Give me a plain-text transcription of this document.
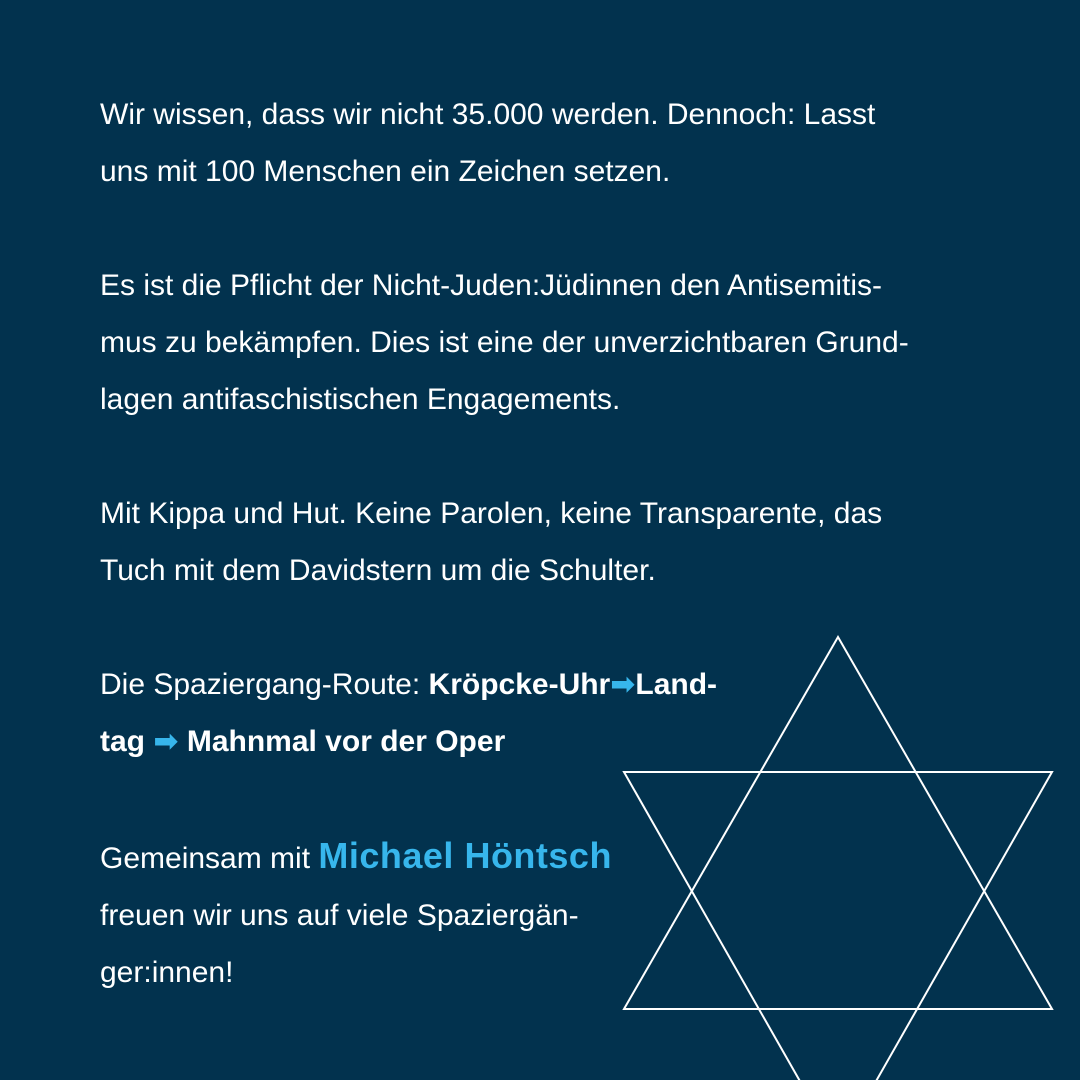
Wir wissen, dass wir nicht 35.000 werden. Dennoch: Lasst
uns mit 100 Menschen ein Zeichen setzen.

Es ist die Pflicht der Nicht-Juden:Jüdinnen den Antisemitis-
mus zu bekämpfen. Dies ist eine der unverzichtbaren Grund-
lagen antifaschistischen Engagements.

Mit Kippa und Hut. Keine Parolen, keine Transparente, das
Tuch mit dem Davidstern um die Schulter.

Die Spaziergang-Route: Kröpcke-Uhr➡Land-
tag ➡ Mahnmal vor der Oper

Gemeinsam mit Michael Höntsch
freuen wir uns auf viele Spaziergän-
ger:innen!
